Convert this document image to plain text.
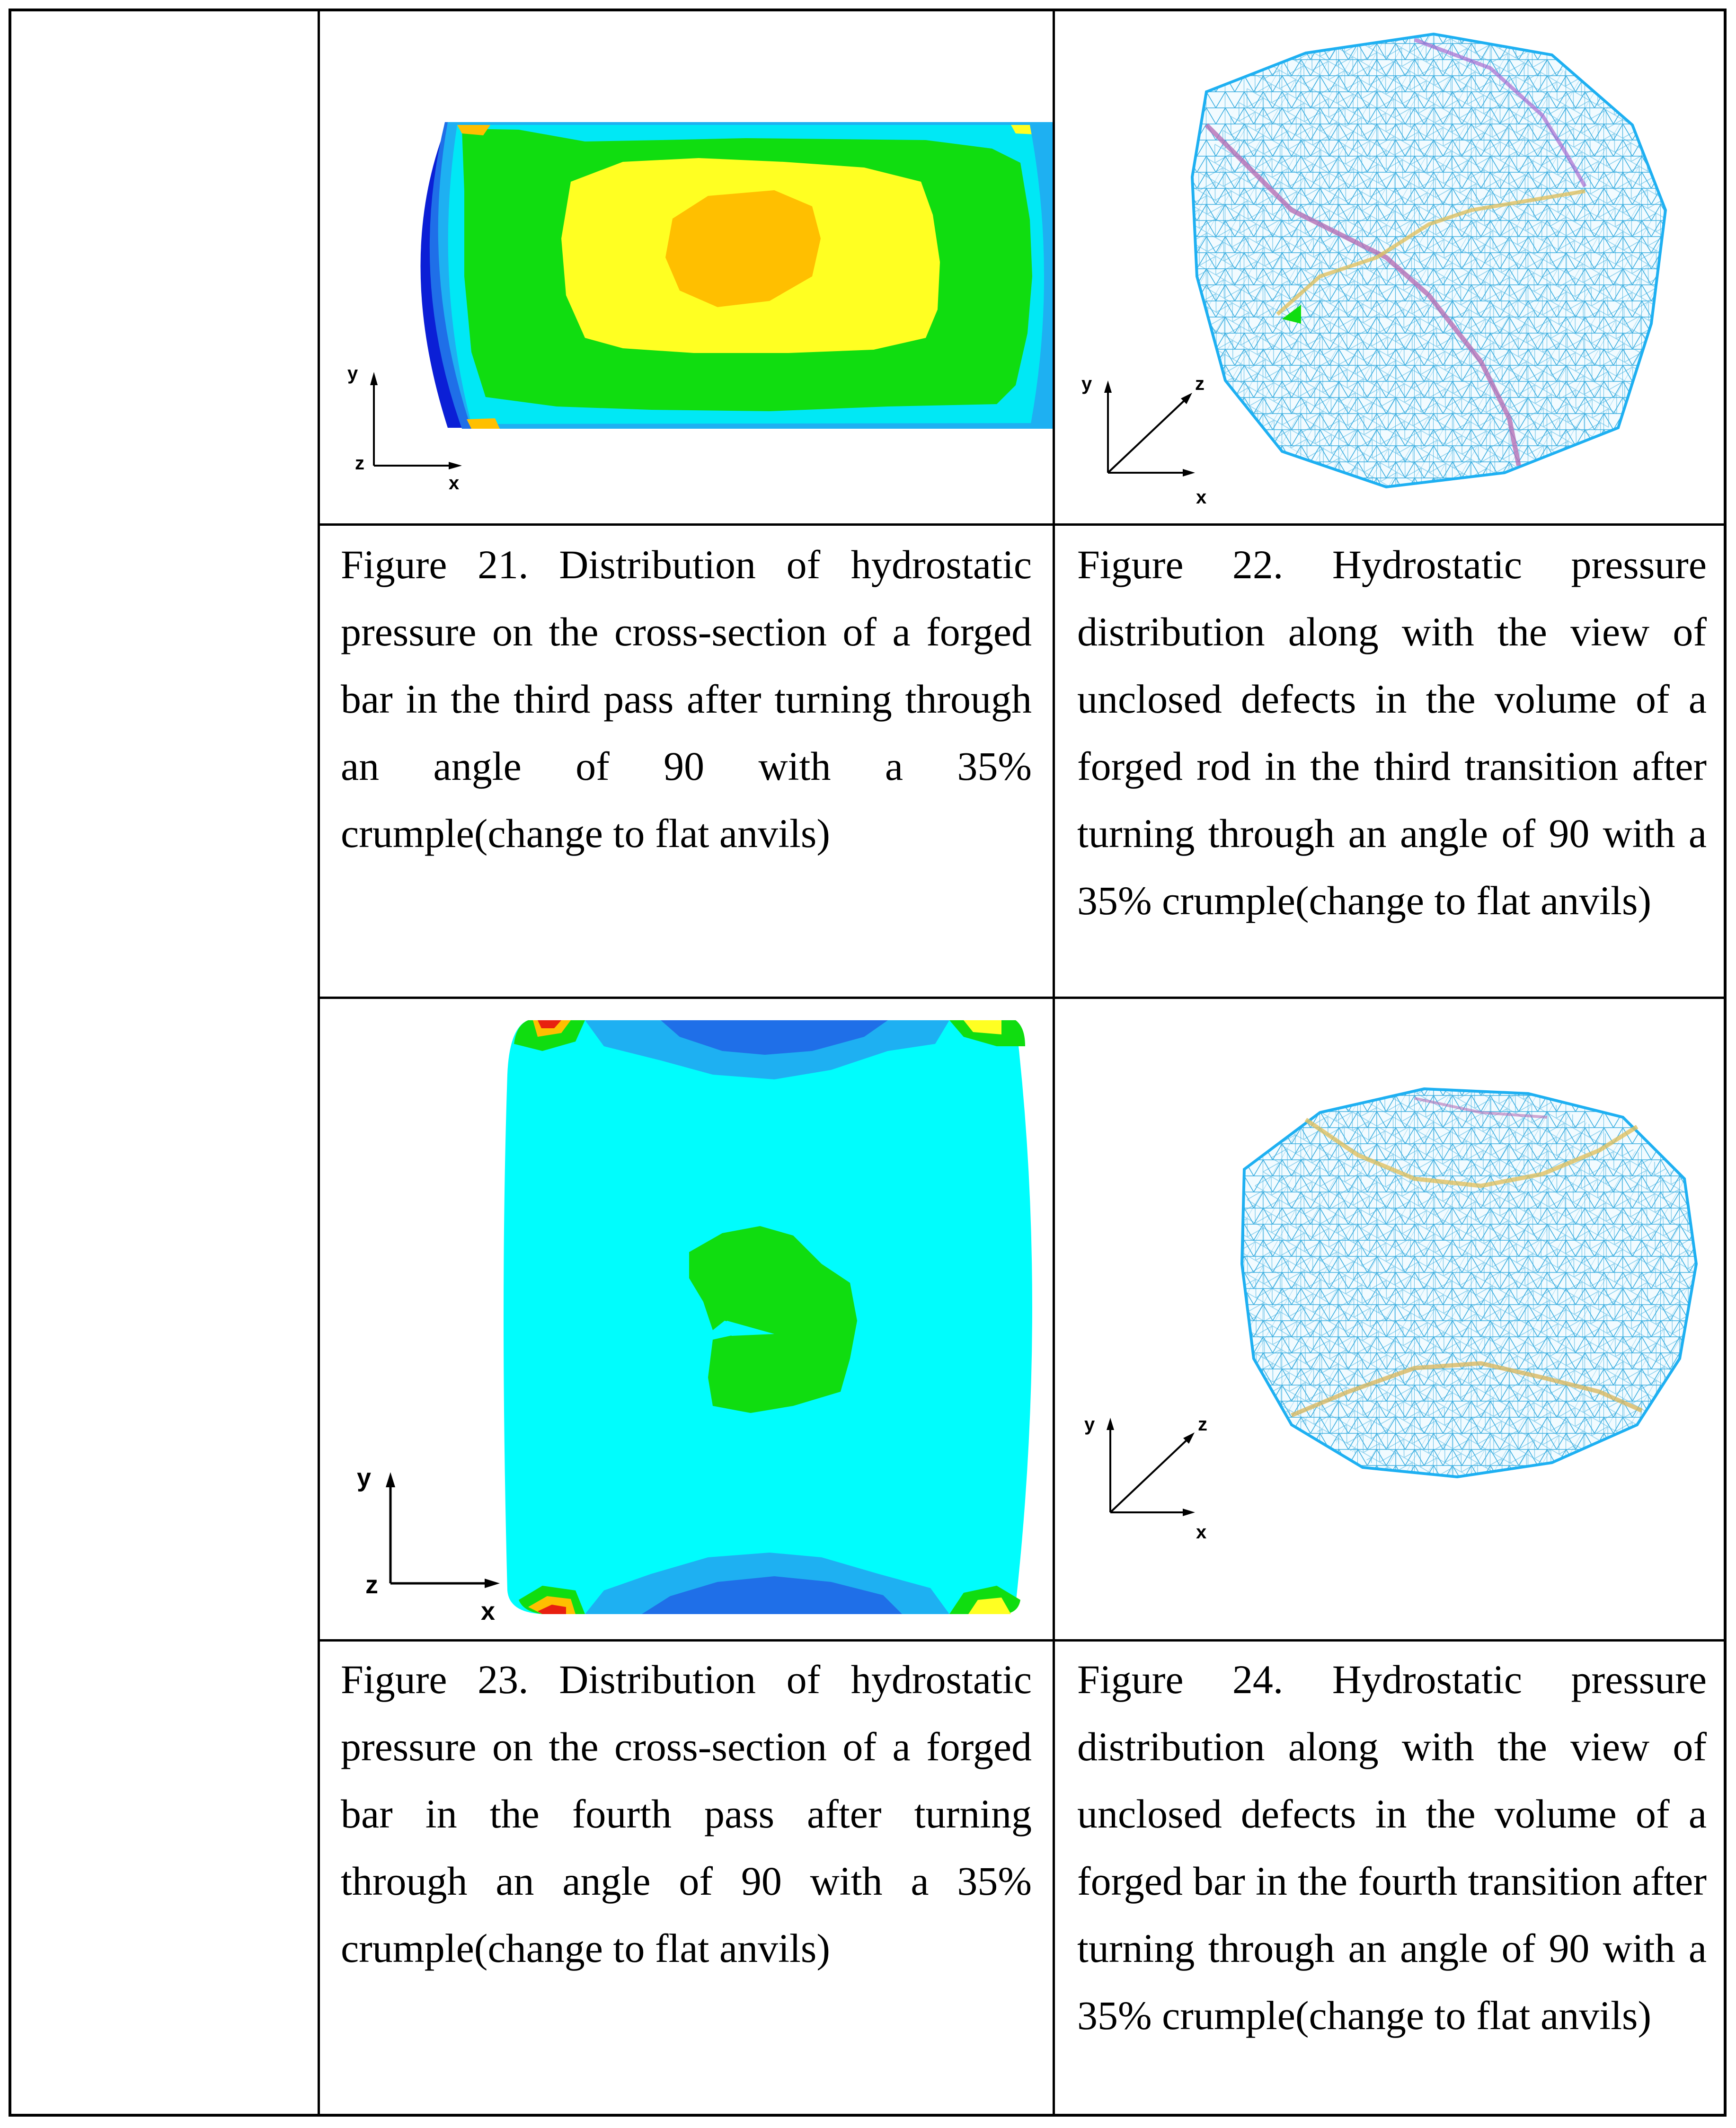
y
z
x
y	z
x

Figure 21. Distribution of hydrostatic pressure on the cross-section of a forged bar in the third pass after turning through an angle of 90 with a 35% crumple(change to flat anvils)

Figure 22. Hydrostatic pressure distribution along with the view of unclosed defects in the volume of a forged rod in the third transition after turning through an angle of 90 with a 35% crumple(change to flat anvils)

y
z
x
y	z
x

Figure 23. Distribution of hydrostatic pressure on the cross-section of a forged bar in the fourth pass after turning through an angle of 90 with a 35% crumple(change to flat anvils)

Figure 24. Hydrostatic pressure distribution along with the view of unclosed defects in the volume of a forged bar in the fourth transition after turning through an angle of 90 with a 35% crumple(change to flat anvils)
